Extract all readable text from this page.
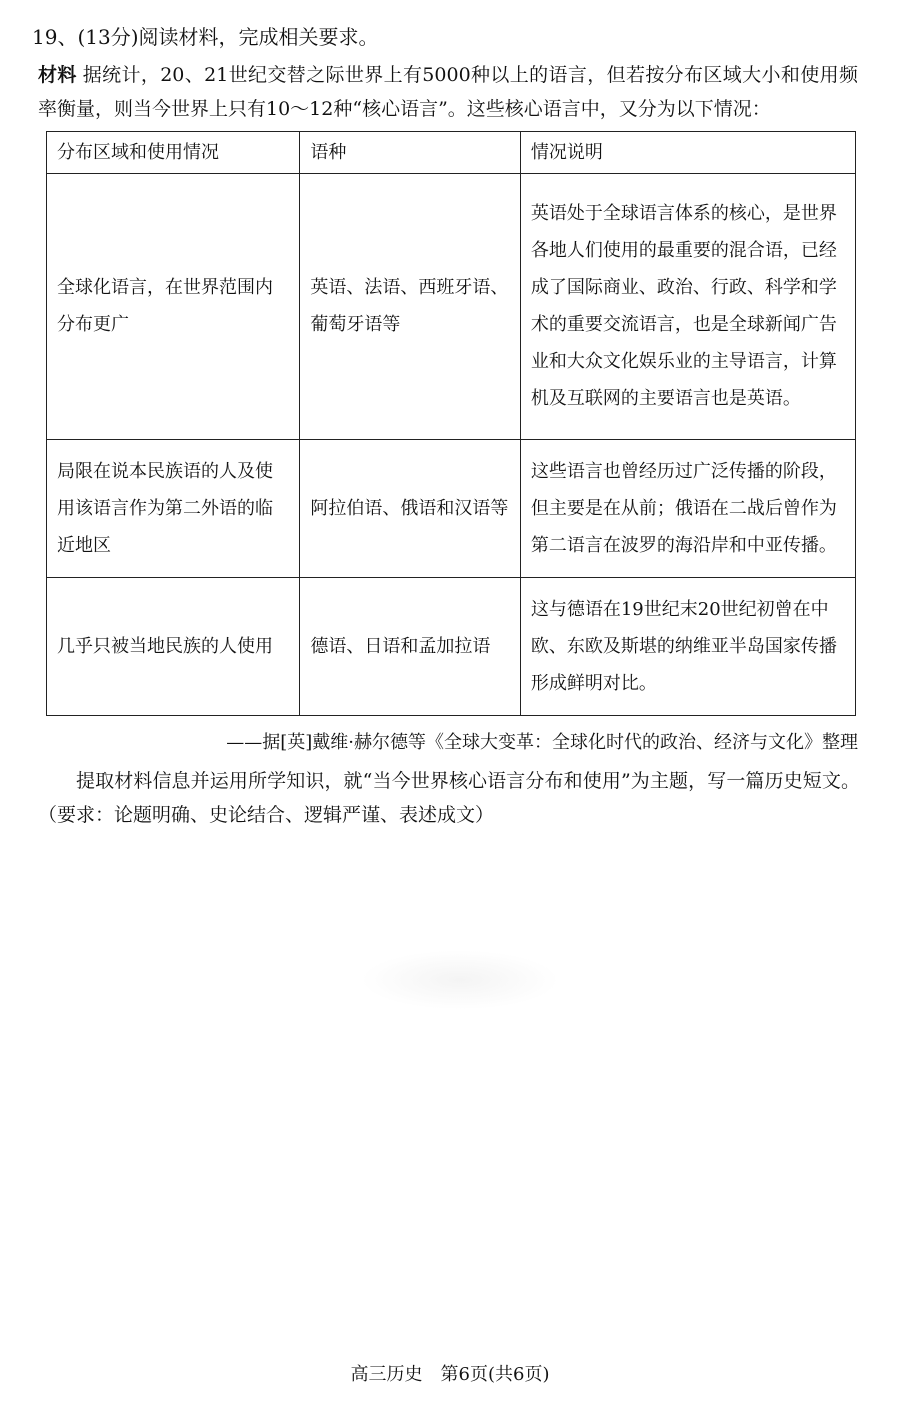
19、(13分)阅读材料，完成相关要求。
材料 据统计，20、21世纪交替之际世界上有5000种以上的语言，但若按分布区域大小和使用频率衡量，则当今世界上只有10～12种“核心语言”。这些核心语言中，又分为以下情况：
分布区域和使用情况	语种	情况说明
全球化语言，在世界范围内分布更广	英语、法语、西班牙语、葡萄牙语等	英语处于全球语言体系的核心，是世界各地人们使用的最重要的混合语，已经成了国际商业、政治、行政、科学和学术的重要交流语言，也是全球新闻广告业和大众文化娱乐业的主导语言，计算机及互联网的主要语言也是英语。
局限在说本民族语的人及使用该语言作为第二外语的临近地区	阿拉伯语、俄语和汉语等	这些语言也曾经历过广泛传播的阶段，但主要是在从前；俄语在二战后曾作为第二语言在波罗的海沿岸和中亚传播。
几乎只被当地民族的人使用	德语、日语和孟加拉语	这与德语在19世纪末20世纪初曾在中欧、东欧及斯堪的纳维亚半岛国家传播形成鲜明对比。
——据[英]戴维·赫尔德等《全球大变革：全球化时代的政治、经济与文化》整理
提取材料信息并运用所学知识，就“当今世界核心语言分布和使用”为主题，写一篇历史短文。（要求：论题明确、史论结合、逻辑严谨、表述成文）
高三历史　第6页(共6页)
